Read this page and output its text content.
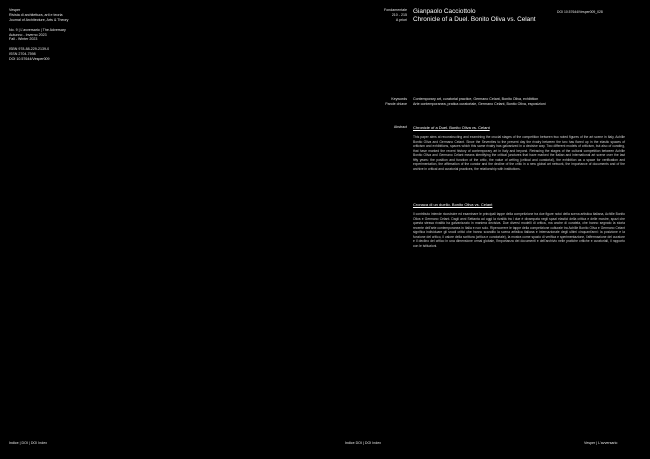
Vesper
Rivista di architettura, arti e teoria
Journal of Architecture, Arts & Theory
No. 9 | L'avversario | The Adversary
Autunno - Inverno 2023
Fall - Winter 2023
ISBN 978-88-229-2139-0
ISSN 2704-7598
DOI 10.57644/Vesper009
Fondamentale
210 - 215
A priori
Gianpaolo Cacciottolo
Chronicle of a Duel. Bonito Oliva vs. Celant
DOI 10.57644/Vesper009_028
Keywords
Parole chiave
Contemporary art, curatorial practice, Germano Celant, Bonito Oliva, exhibition
Arte contemporanea, pratica curatoriale, Germano Celant, Bonito Oliva, esposizioni
Abstract Chronicle of a Duel. Bonito Oliva vs. Celant
This paper aims at reconstructing and examining the crucial stages of the competition between two noted figures of the art scene in Italy, Achille Bonito Oliva and Germano Celant. Since the Seventies to the present day the rivalry between the two has flared up in the elastic spaces of criticism and exhibitions, spaces which this same rivalry has galvanized in a decisive way. Two different models of criticism, but also of curating, that have marked the recent history of contemporary art in Italy and beyond. Retracing the stages of the cultural competition between Achille Bonito Oliva and Germano Celant means identifying the critical junctures that have marked the Italian and international art scene over the last fifty years: the position and function of the critic, the value of writing (critical and curatorial), the exhibition as a space for verification and experimentation, the affirmation of the curator and the decline of the critic in a new global art network, the importance of documents and of the archive in critical and curatorial practices, the relationship with institutions.
Cronaca di un duello. Bonito Oliva vs. Celant
Il contributo intende ricostruire ed esaminare le principali tappe della competizione tra due figure notoi della scena artistica italiana, Achille Bonito Oliva e Germano Celant. Dagli anni Settanta ad oggi la rivalità tra i due è divampata negli spazi elastici della critica e delle mostre, spazi che questa stessa rivalità ha galvanizzato in maniera decisiva. Due diversi modelli di critica, ma anche di curatela, che hanno segnato la storia recente dell'arte contemporanea in Italia e non solo. Ripercorrere le tappe della competizione culturale tra Achille Bonito Oliva e Germano Celant significa individuare gli snodi critici che hanno scandito la scena artistica italiana e internazionale degli ultimi cinquant'anni: la posizione e la funzione del critico, il valore della scrittura (critica e curatoriale), la mostra come spazio di verifica e sperimentazione, l'affermazione del curatore e il declino del critico in una dimensione ormai globale, l'importanza dei documenti e dell'archivio nelle pratiche critiche e curatoriali, il rapporto con le istituzioni.
Indice | DOI | DOI Index	Indice DOI | DOI Index	Vesper | L'avversario
